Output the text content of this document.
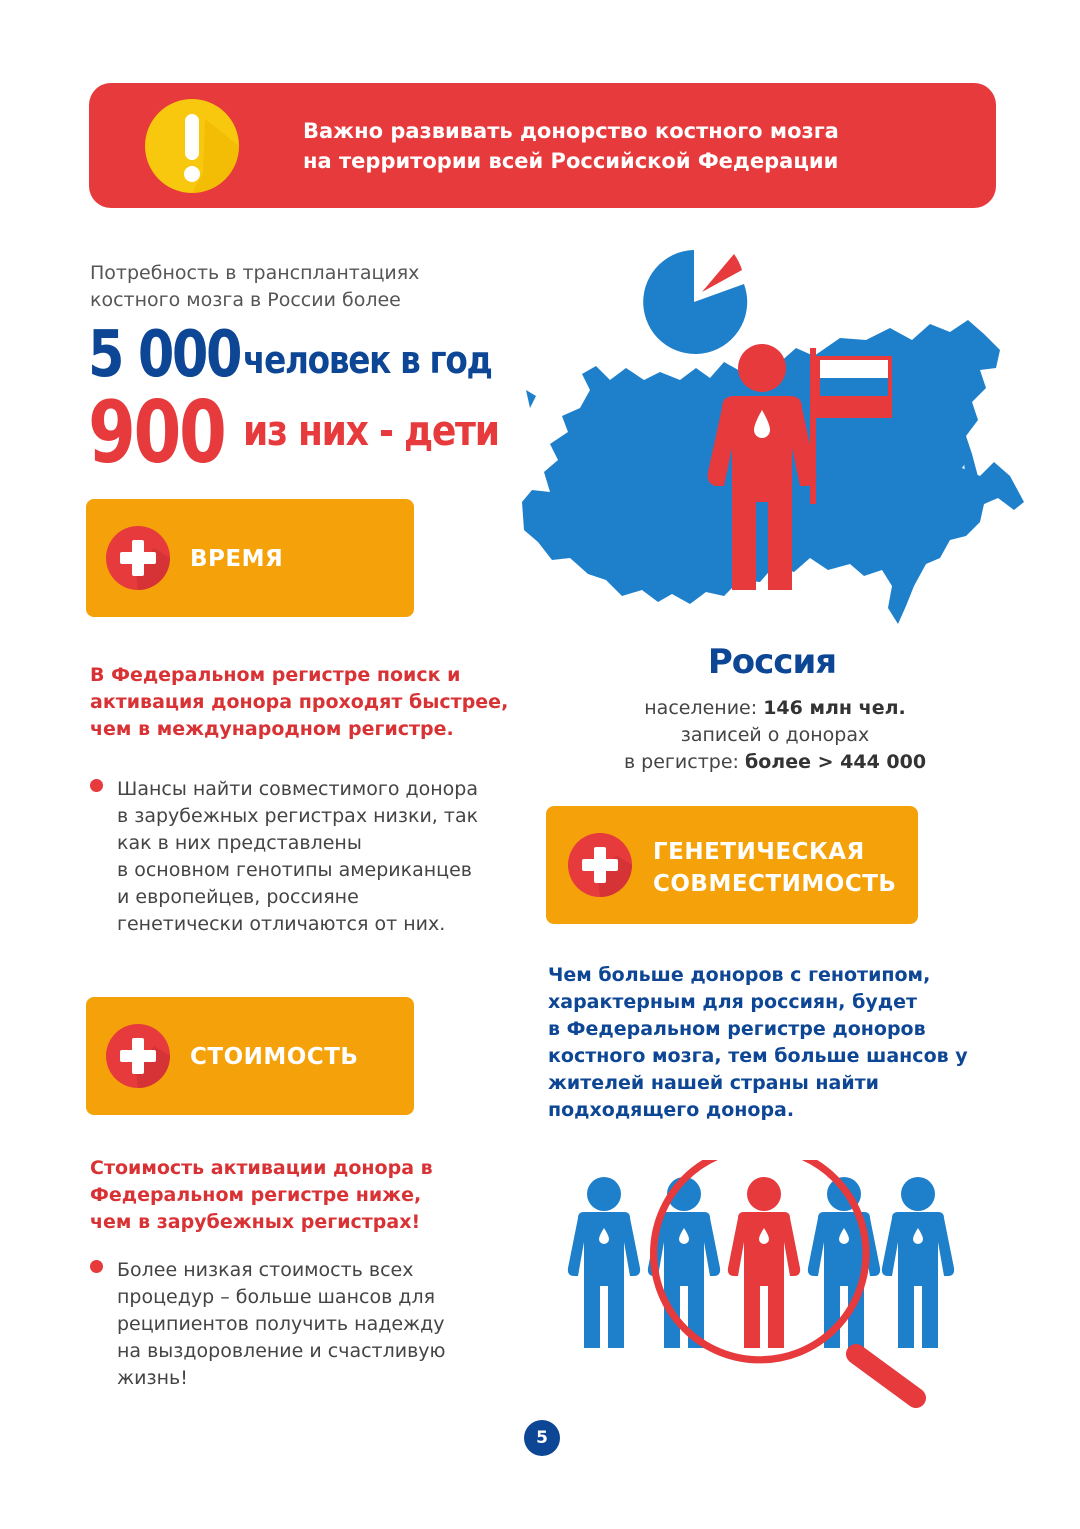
Важно развивать донорство костного мозга
на территории всей Российской Федерации
Потребность в трансплантациях
костного мозга в России более
5 000 человек в год
900 из них - дети
Россия
население: 146 млн чел.
записей о донорах
в регистре: более > 444 000
ВРЕМЯ
В Федеральном регистре поиск и
активация донора проходят быстрее,
чем в международном регистре.
Шансы найти совместимого донора
в зарубежных регистрах низки, так
как в них представлены
в основном генотипы американцев
и европейцев, россияне
генетически отличаются от них.
ГЕНЕТИЧЕСКАЯ
СОВМЕСТИМОСТЬ
Чем больше доноров с генотипом,
характерным для россиян, будет
в Федеральном регистре доноров
костного мозга, тем больше шансов у
жителей нашей страны найти
подходящего донора.
СТОИМОСТЬ
Стоимость активации донора в
Федеральном регистре ниже,
чем в зарубежных регистрах!
Более низкая стоимость всех
процедур – больше шансов для
реципиентов получить надежду
на выздоровление и счастливую
жизнь!
5
